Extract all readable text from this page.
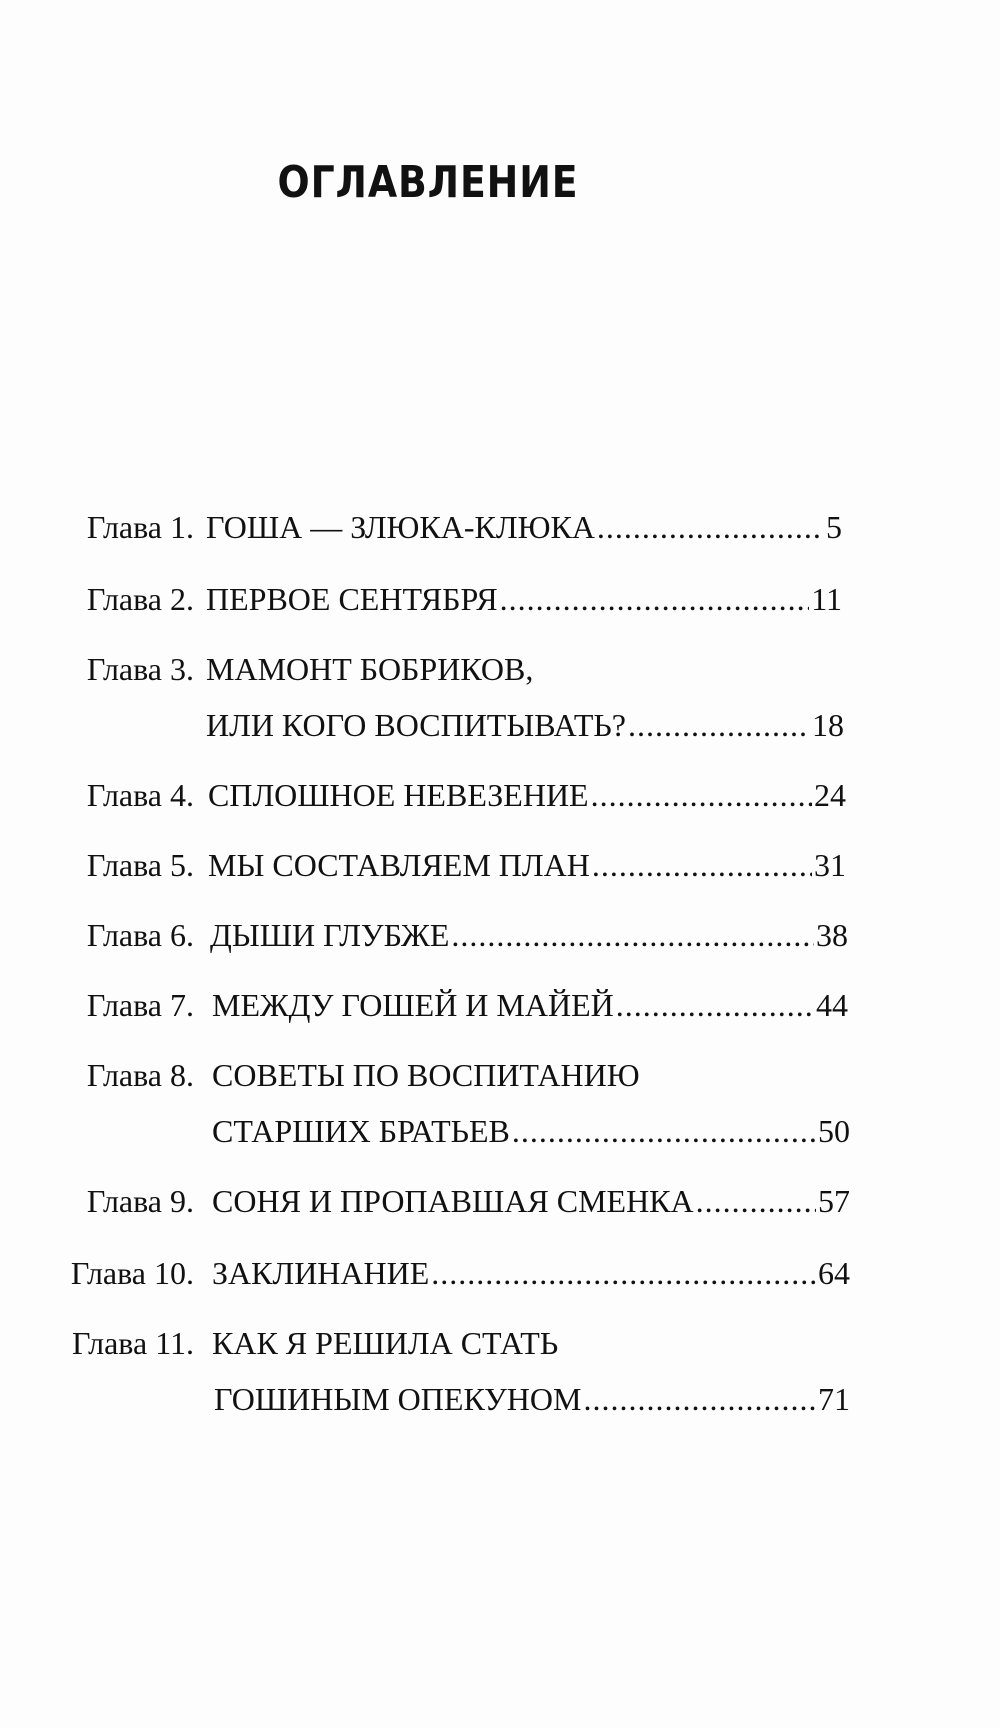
ОГЛАВЛЕНИЕ
Глава 1. ГОША — ЗЛЮКА-КЛЮКА .....	5
Глава 2. ПЕРВОЕ СЕНТЯБРЯ .....	11
Глава 3. МАМОНТ БОБРИКОВ,
ИЛИ КОГО ВОСПИТЫВАТЬ? .....	18
Глава 4. СПЛОШНОЕ НЕВЕЗЕНИЕ .....	24
Глава 5. МЫ СОСТАВЛЯЕМ ПЛАН .....	31
Глава 6. ДЫШИ ГЛУБЖЕ .....	38
Глава 7. МЕЖДУ ГОШЕЙ И МАЙЕЙ .....	44
Глава 8. СОВЕТЫ ПО ВОСПИТАНИЮ
СТАРШИХ БРАТЬЕВ .....	50
Глава 9. СОНЯ И ПРОПАВШАЯ СМЕНКА .....	57
Глава 10. ЗАКЛИНАНИЕ .....	64
Глава 11. КАК Я РЕШИЛА СТАТЬ
ГОШИНЫМ ОПЕКУНОМ .....	71
